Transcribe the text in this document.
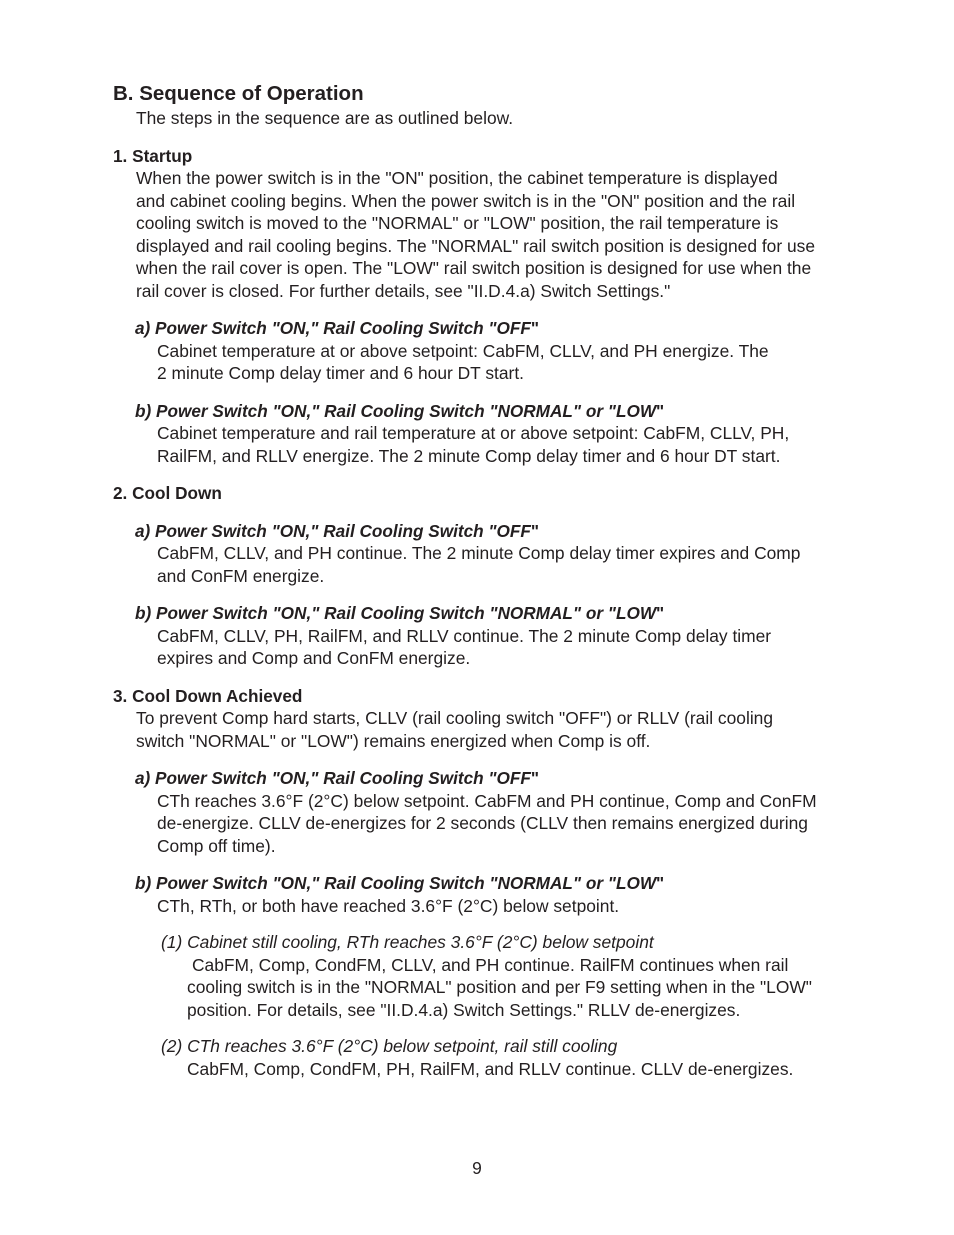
B. Sequence of Operation

The steps in the sequence are as outlined below.

1. Startup
When the power switch is in the "ON" position, the cabinet temperature is displayed
and cabinet cooling begins. When the power switch is in the "ON" position and the rail
cooling switch is moved to the "NORMAL" or "LOW" position, the rail temperature is
displayed and rail cooling begins. The "NORMAL" rail switch position is designed for use
when the rail cover is open. The "LOW" rail switch position is designed for use when the
rail cover is closed. For further details, see "II.D.4.a) Switch Settings."
a) Power Switch "ON," Rail Cooling Switch "OFF"
Cabinet temperature at or above setpoint: CabFM, CLLV, and PH energize. The
2 minute Comp delay timer and 6 hour DT start.
b) Power Switch "ON," Rail Cooling Switch "NORMAL" or "LOW"
Cabinet temperature and rail temperature at or above setpoint: CabFM, CLLV, PH,
RailFM, and RLLV energize. The 2 minute Comp delay timer and 6 hour DT start.
2. Cool Down
a) Power Switch "ON," Rail Cooling Switch "OFF"
CabFM, CLLV, and PH continue. The 2 minute Comp delay timer expires and Comp
and ConFM energize.
b) Power Switch "ON," Rail Cooling Switch "NORMAL" or "LOW"
CabFM, CLLV, PH, RailFM, and RLLV continue. The 2 minute Comp delay timer
expires and Comp and ConFM energize.
3. Cool Down Achieved
To prevent Comp hard starts, CLLV (rail cooling switch "OFF") or RLLV (rail cooling
switch "NORMAL" or "LOW") remains energized when Comp is off.
a) Power Switch "ON," Rail Cooling Switch "OFF"
CTh reaches 3.6°F (2°C) below setpoint. CabFM and PH continue, Comp and ConFM
de-energize. CLLV de-energizes for 2 seconds (CLLV then remains energized during
Comp off time).
b) Power Switch "ON," Rail Cooling Switch "NORMAL" or "LOW"
CTh, RTh, or both have reached 3.6°F (2°C) below setpoint.
(1) Cabinet still cooling, RTh reaches 3.6°F (2°C) below setpoint
CabFM, Comp, CondFM, CLLV, and PH continue. RailFM continues when rail
cooling switch is in the "NORMAL" position and per F9 setting when in the "LOW"
position. For details, see "II.D.4.a) Switch Settings." RLLV de-energizes.
(2) CTh reaches 3.6°F (2°C) below setpoint, rail still cooling
CabFM, Comp, CondFM, PH, RailFM, and RLLV continue. CLLV de-energizes.
9
